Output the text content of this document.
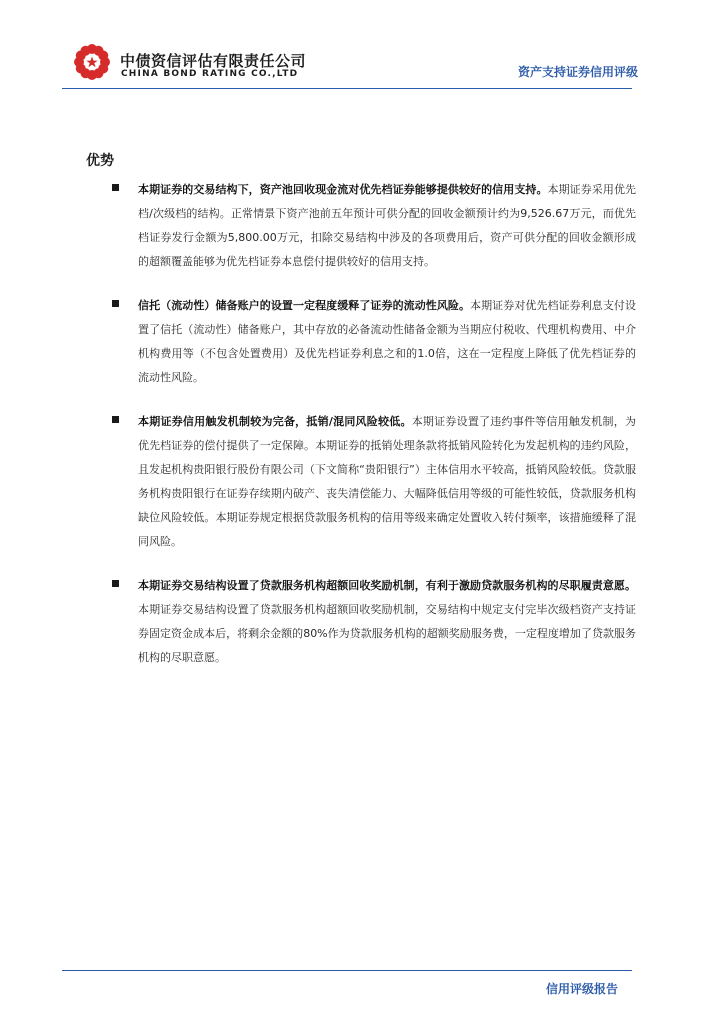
中债资信评估有限责任公司
CHINA BOND RATING CO.,LTD	资产支持证券信用评级
优势
本期证券的交易结构下，资产池回收现金流对优先档证券能够提供较好的信用支持。本期证券采用优先档/次级档的结构。正常情景下资产池前五年预计可供分配的回收金额预计约为9,526.67万元，而优先档证券发行金额为5,800.00万元，扣除交易结构中涉及的各项费用后，资产可供分配的回收金额形成的超额覆盖能够为优先档证券本息偿付提供较好的信用支持。
信托（流动性）储备账户的设置一定程度缓释了证券的流动性风险。本期证券对优先档证券利息支付设置了信托（流动性）储备账户，其中存放的必备流动性储备金额为当期应付税收、代理机构费用、中介机构费用等（不包含处置费用）及优先档证券利息之和的1.0倍，这在一定程度上降低了优先档证券的流动性风险。
本期证券信用触发机制较为完备，抵销/混同风险较低。本期证券设置了违约事件等信用触发机制，为优先档证券的偿付提供了一定保障。本期证券的抵销处理条款将抵销风险转化为发起机构的违约风险，且发起机构贵阳银行股份有限公司（下文简称“贵阳银行”）主体信用水平较高，抵销风险较低。贷款服务机构贵阳银行在证券存续期内破产、丧失清偿能力、大幅降低信用等级的可能性较低，贷款服务机构缺位风险较低。本期证券规定根据贷款服务机构的信用等级来确定处置收入转付频率，该措施缓释了混同风险。
本期证券交易结构设置了贷款服务机构超额回收奖励机制，有利于激励贷款服务机构的尽职履责意愿。本期证券交易结构设置了贷款服务机构超额回收奖励机制，交易结构中规定支付完毕次级档资产支持证券固定资金成本后，将剩余金额的80%作为贷款服务机构的超额奖励服务费，一定程度增加了贷款服务机构的尽职意愿。
信用评级报告
